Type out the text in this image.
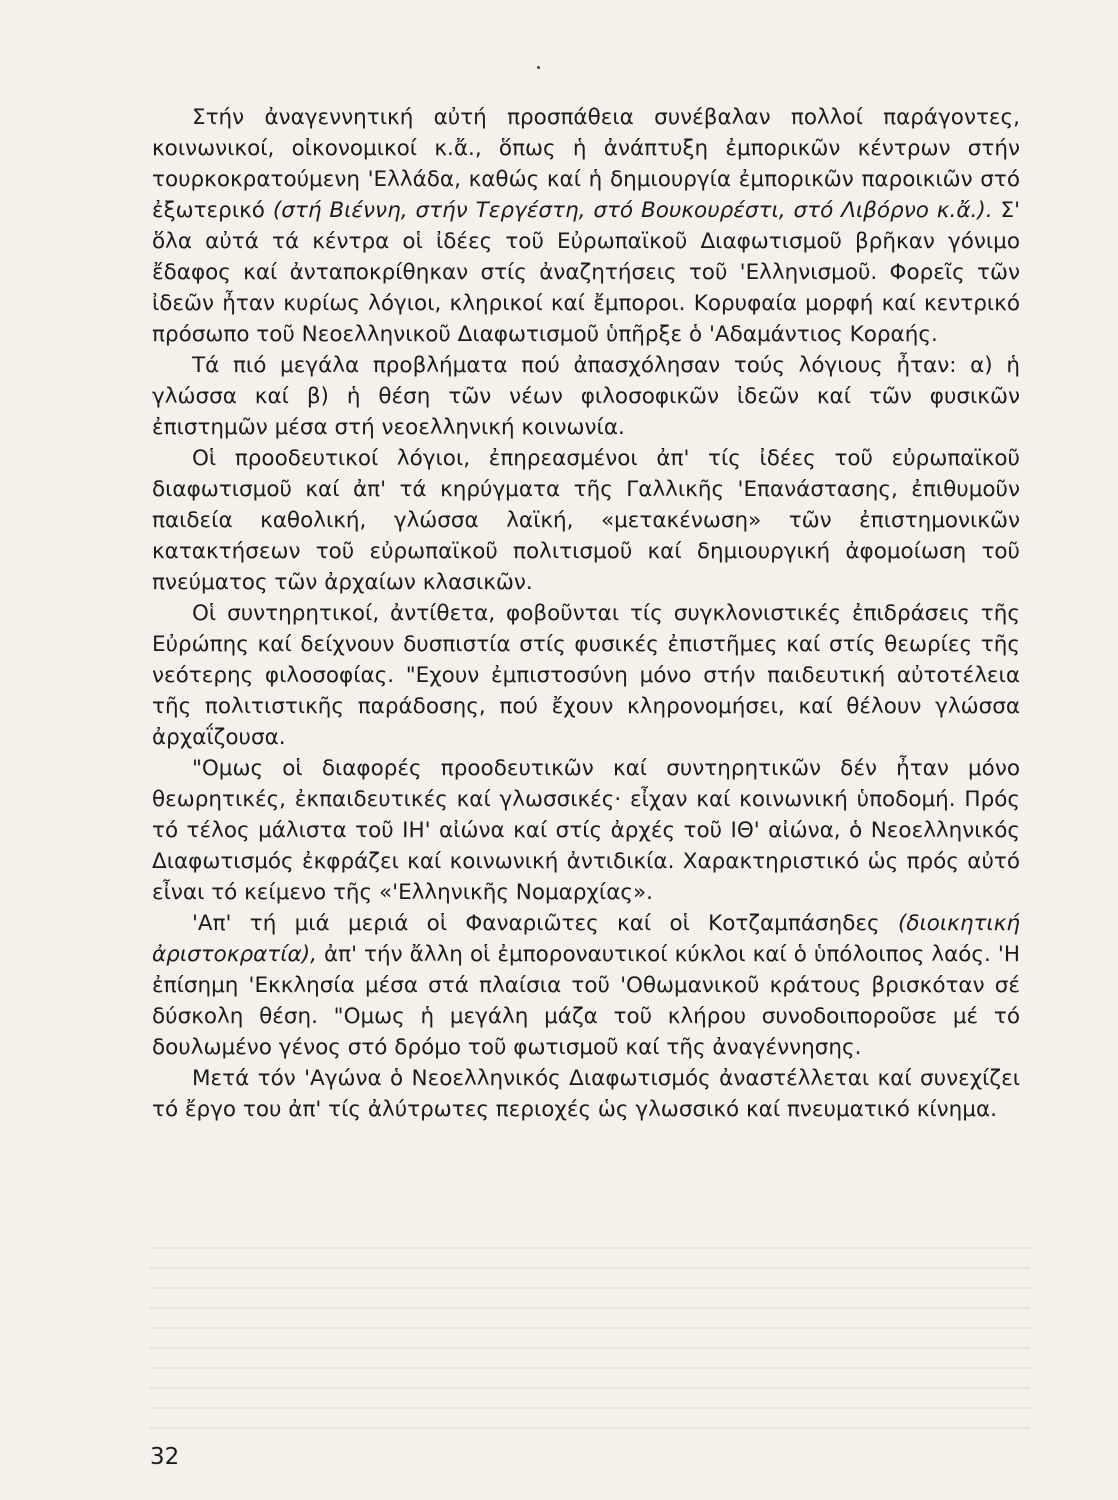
Στήν ἀναγεννητική αὐτή προσπάθεια συνέβαλαν πολλοί παράγοντες, κοινωνικοί, οἰκονομικοί κ.ἄ., ὅπως ἡ ἀνάπτυξη ἐμπορικῶν κέντρων στήν τουρκοκρατούμενη 'Ελλάδα, καθώς καί ἡ δημιουργία ἐμπορικῶν παροικιῶν στό ἐξωτερικό (στή Βιέννη, στήν Τεργέστη, στό Βουκουρέστι, στό Λιβόρνο κ.ἄ.). Σ' ὅλα αὐτά τά κέντρα οἱ ἰδέες τοῦ Εὐρωπαϊκοῦ Διαφωτισμοῦ βρῆκαν γόνιμο ἔδαφος καί ἀνταποκρίθηκαν στίς ἀναζητήσεις τοῦ 'Ελληνισμοῦ. Φορεῖς τῶν ἰδεῶν ἦταν κυρίως λόγιοι, κληρικοί καί ἔμποροι. Κορυφαία μορφή καί κεντρικό πρόσωπο τοῦ Νεοελληνικοῦ Διαφωτισμοῦ ὑπῆρξε ὁ 'Αδαμάντιος Κοραής.

Τά πιό μεγάλα προβλήματα πού ἀπασχόλησαν τούς λόγιους ἦταν: α) ἡ γλώσσα καί β) ἡ θέση τῶν νέων φιλοσοφικῶν ἰδεῶν καί τῶν φυσικῶν ἐπιστημῶν μέσα στή νεοελληνική κοινωνία.

Οἱ προοδευτικοί λόγιοι, ἐπηρεασμένοι ἀπ' τίς ἰδέες τοῦ εὐρωπαϊκοῦ διαφωτισμοῦ καί ἀπ' τά κηρύγματα τῆς Γαλλικῆς 'Επανάστασης, ἐπιθυμοῦν παιδεία καθολική, γλώσσα λαϊκή, «μετακένωση» τῶν ἐπιστημονικῶν κατακτήσεων τοῦ εὐρωπαϊκοῦ πολιτισμοῦ καί δημιουργική ἀφομοίωση τοῦ πνεύματος τῶν ἀρχαίων κλασικῶν.

Οἱ συντηρητικοί, ἀντίθετα, φοβοῦνται τίς συγκλονιστικές ἐπιδράσεις τῆς Εὐρώπης καί δείχνουν δυσπιστία στίς φυσικές ἐπιστῆμες καί στίς θεωρίες τῆς νεότερης φιλοσοφίας. "Εχουν ἐμπιστοσύνη μόνο στήν παιδευτική αὐτοτέλεια τῆς πολιτιστικῆς παράδοσης, πού ἔχουν κληρονομήσει, καί θέλουν γλώσσα ἀρχαΐζουσα.

"Ομως οἱ διαφορές προοδευτικῶν καί συντηρητικῶν δέν ἦταν μόνο θεωρητικές, ἐκπαιδευτικές καί γλωσσικές· εἶχαν καί κοινωνική ὑποδομή. Πρός τό τέλος μάλιστα τοῦ ΙΗ' αἰώνα καί στίς ἀρχές τοῦ ΙΘ' αἰώνα, ὁ Νεοελληνικός Διαφωτισμός ἐκφράζει καί κοινωνική ἀντιδικία. Χαρακτηριστικό ὡς πρός αὐτό εἶναι τό κείμενο τῆς «'Ελληνικῆς Νομαρχίας».

'Απ' τή μιά μεριά οἱ Φαναριῶτες καί οἱ Κοτζαμπάσηδες (διοικητική ἀριστοκρατία), ἀπ' τήν ἄλλη οἱ ἐμποροναυτικοί κύκλοι καί ὁ ὑπόλοιπος λαός. 'Η ἐπίσημη 'Εκκλησία μέσα στά πλαίσια τοῦ 'Οθωμανικοῦ κράτους βρισκόταν σέ δύσκολη θέση. "Ομως ἡ μεγάλη μάζα τοῦ κλήρου συνοδοιποροῦσε μέ τό δουλωμένο γένος στό δρόμο τοῦ φωτισμοῦ καί τῆς ἀναγέννησης.

Μετά τόν 'Αγώνα ὁ Νεοελληνικός Διαφωτισμός ἀναστέλλεται καί συνεχίζει τό ἔργο του ἀπ' τίς ἀλύτρωτες περιοχές ὡς γλωσσικό καί πνευματικό κίνημα.

32
